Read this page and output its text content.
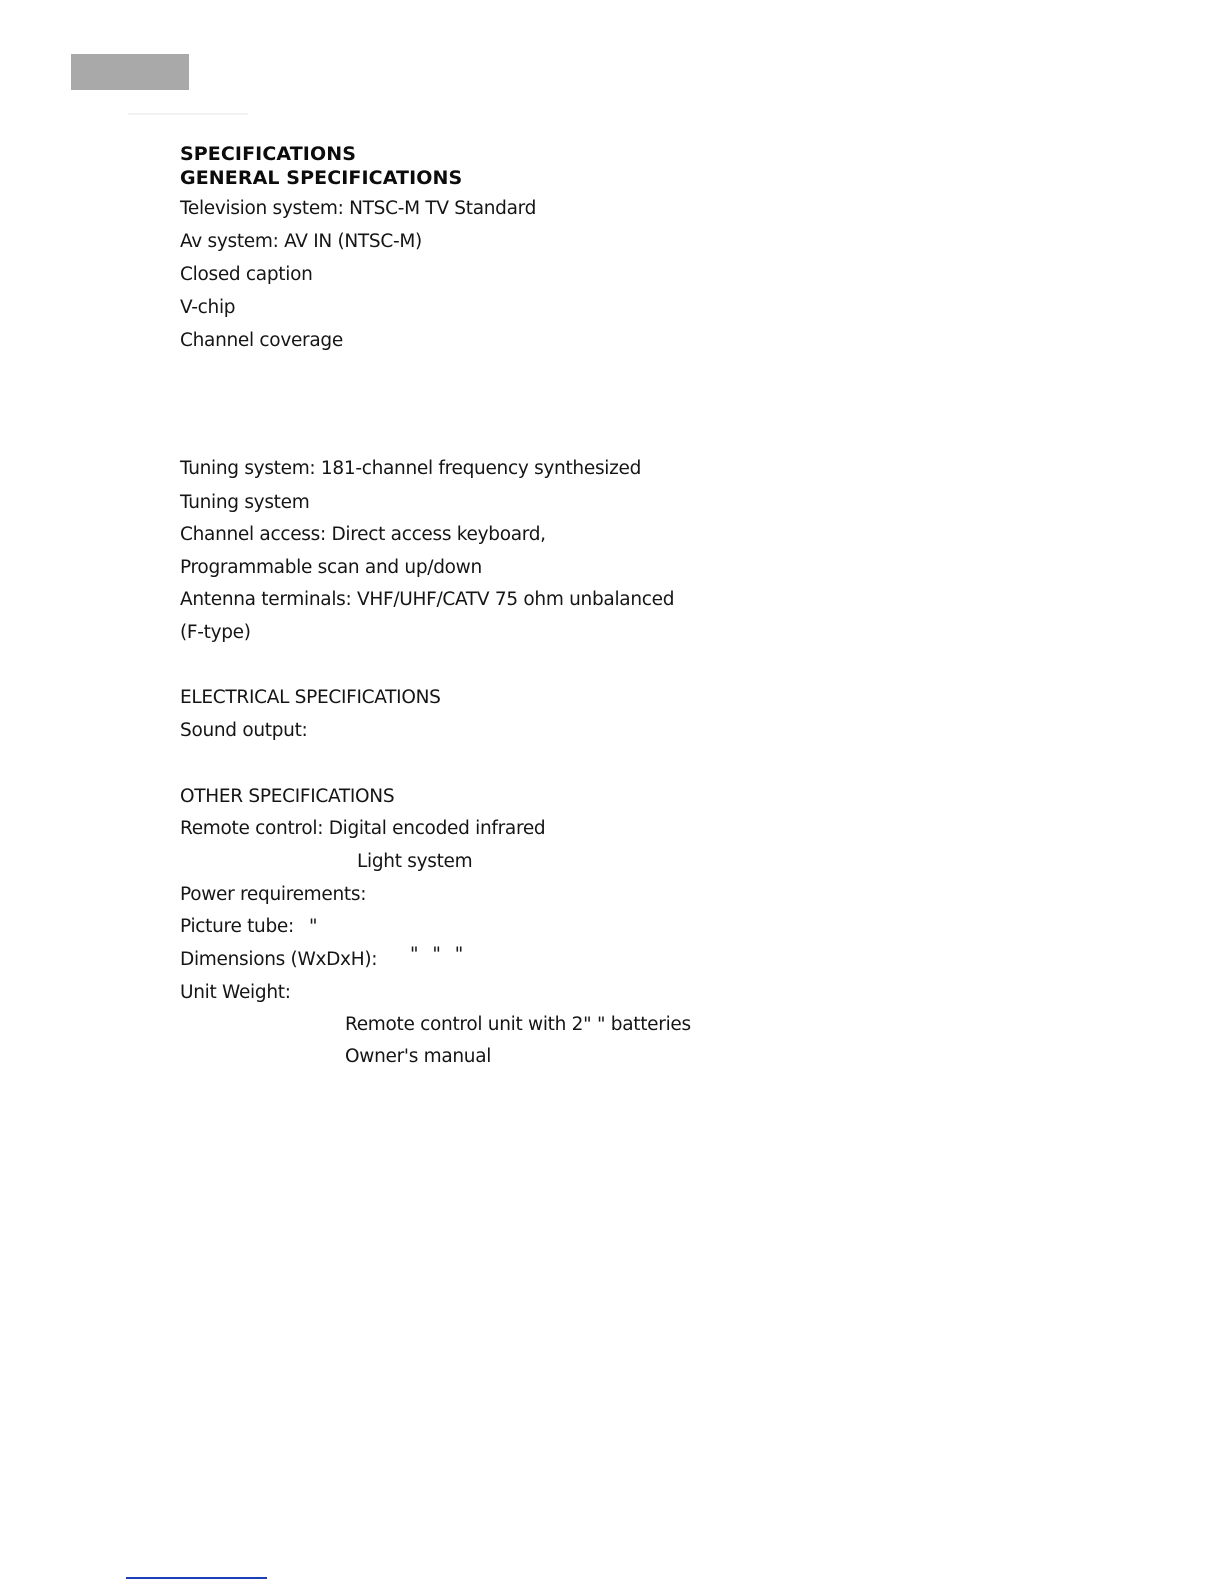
SPECIFICATIONS
GENERAL SPECIFICATIONS
Television system: NTSC-M TV Standard
Av system: AV IN (NTSC-M)
Closed caption
V-chip
Channel coverage
Tuning system: 181-channel frequency synthesized
Tuning system
Channel access: Direct access keyboard,
Programmable scan and up/down
Antenna terminals: VHF/UHF/CATV 75 ohm unbalanced
(F-type)
ELECTRICAL SPECIFICATIONS
Sound output:
OTHER SPECIFICATIONS
Remote control: Digital encoded infrared
Light system
Power requirements:
Picture tube: "
Dimensions (WxDxH): " " "
Unit Weight:
Remote control unit with 2" " batteries
Owner's manual
